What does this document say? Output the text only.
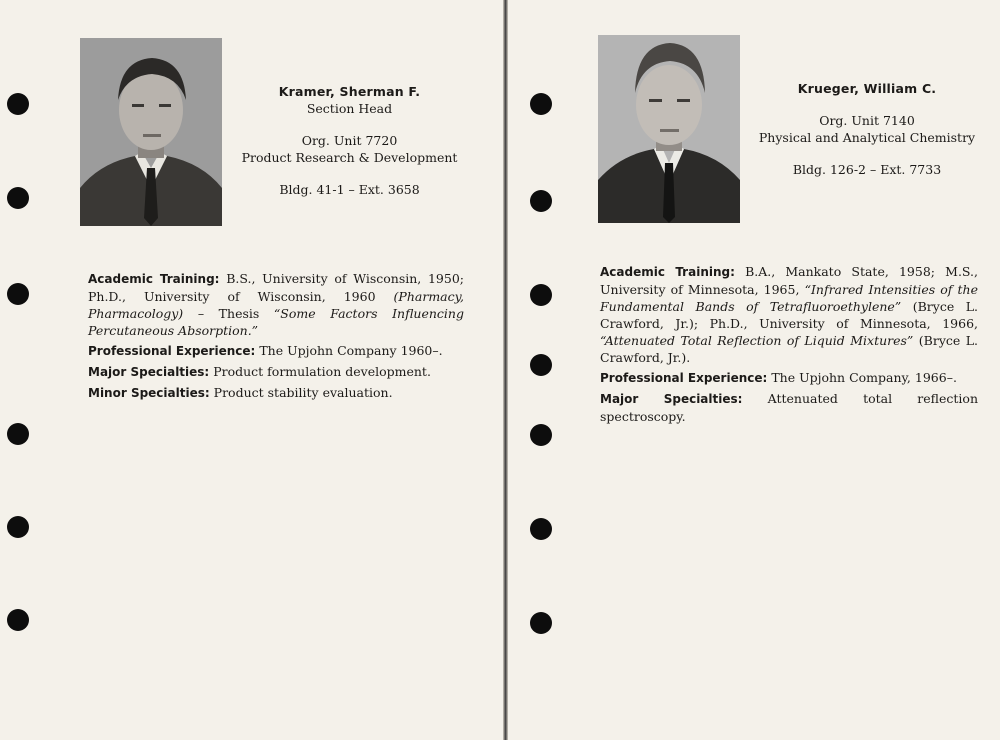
Kramer, Sherman F.
Section Head
Org. Unit 7720
Product Research & Development
Bldg. 41-1 – Ext. 3658

Academic Training: B.S., University of Wisconsin, 1950; Ph.D., University of Wisconsin, 1960 (Pharmacy, Pharmacology) – Thesis “Some Factors Influencing Percutaneous Absorption.”

Professional Experience: The Upjohn Company 1960–.

Major Specialties: Product formulation development.

Minor Specialties: Product stability evaluation.

Krueger, William C.
Org. Unit 7140
Physical and Analytical Chemistry
Bldg. 126-2 – Ext. 7733

Academic Training: B.A., Mankato State, 1958; M.S., University of Minnesota, 1965, “Infrared Intensities of the Fundamental Bands of Tetrafluoroethylene” (Bryce L. Crawford, Jr.); Ph.D., University of Minnesota, 1966, “Attenuated Total Reflection of Liquid Mixtures” (Bryce L. Crawford, Jr.).

Professional Experience: The Upjohn Company, 1966–.

Major Specialties: Attenuated total reflection spectroscopy.
